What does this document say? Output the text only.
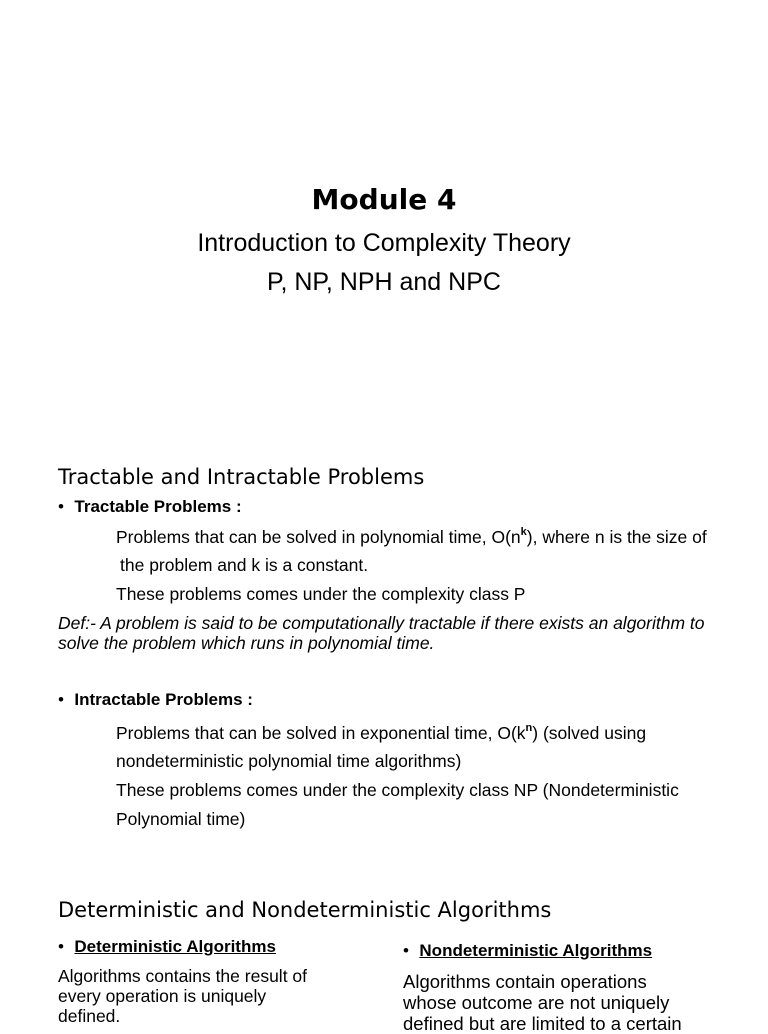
Module 4
Introduction to Complexity Theory
P, NP, NPH and NPC
Tractable and Intractable Problems
• Tractable Problems :
Problems that can be solved in polynomial time, $O(n^k)$, where n is the size of
the problem and k is a constant.
These problems comes under the complexity class P
Def:- A problem is said to be computationally tractable if there exists an algorithm to solve the problem which runs in polynomial time.
• Intractable Problems :
Problems that can be solved in exponential time, $O(k^n)$ (solved using
nondeterministic polynomial time algorithms)
These problems comes under the complexity class NP (Nondeterministic
Polynomial time)
Deterministic and Nondeterministic Algorithms
• Deterministic Algorithms
Algorithms contains the result of every operation is uniquely defined.
• Nondeterministic Algorithms
Algorithms contain operations whose outcome are not uniquely defined but are limited to a certain
